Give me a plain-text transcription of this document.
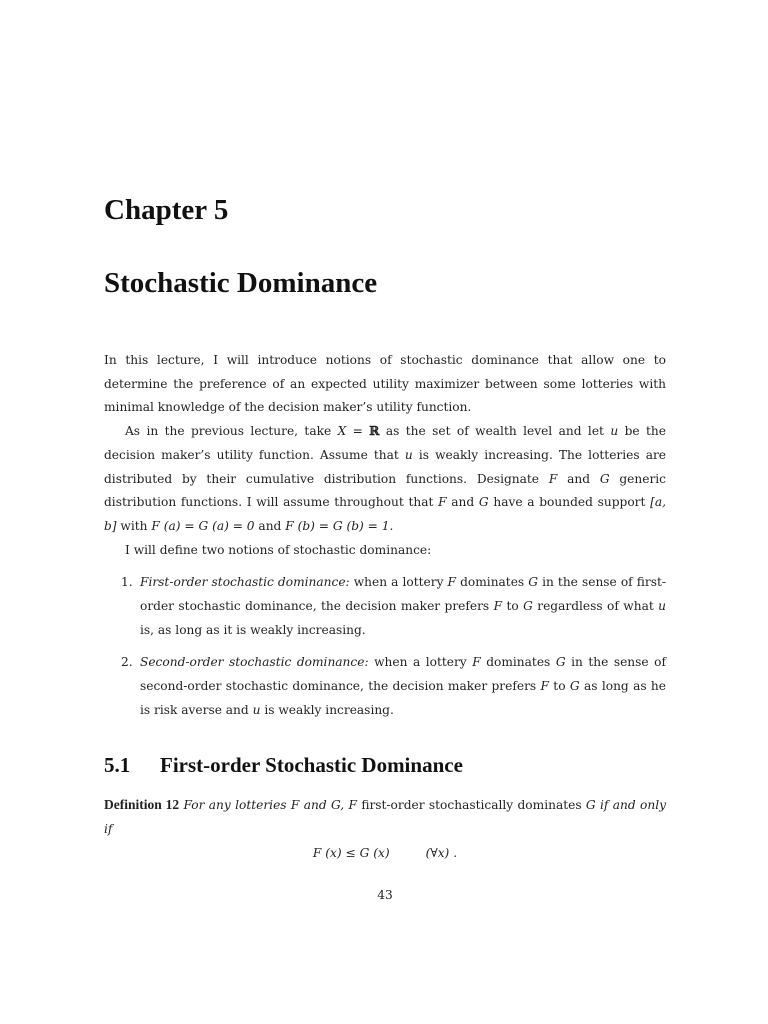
Chapter 5
Stochastic Dominance

In this lecture, I will introduce notions of stochastic dominance that allow one to determine the preference of an expected utility maximizer between some lotteries with minimal knowledge of the decision maker’s utility function.

As in the previous lecture, take X = ℝ as the set of wealth level and let u be the decision maker’s utility function. Assume that u is weakly increasing. The lotteries are distributed by their cumulative distribution functions. Designate F and G generic distribution functions. I will assume throughout that F and G have a bounded support [a, b] with F (a) = G (a) = 0 and F (b) = G (b) = 1.

I will define two notions of stochastic dominance:

1. First-order stochastic dominance: when a lottery F dominates G in the sense of first-order stochastic dominance, the decision maker prefers F to G regardless of what u is, as long as it is weakly increasing.

2. Second-order stochastic dominance: when a lottery F dominates G in the sense of second-order stochastic dominance, the decision maker prefers F to G as long as he is risk averse and u is weakly increasing.

5.1 First-order Stochastic Dominance

Definition 12 For any lotteries F and G, F first-order stochastically dominates G if and only if

F (x) ≤ G (x)	(∀x) .
43
